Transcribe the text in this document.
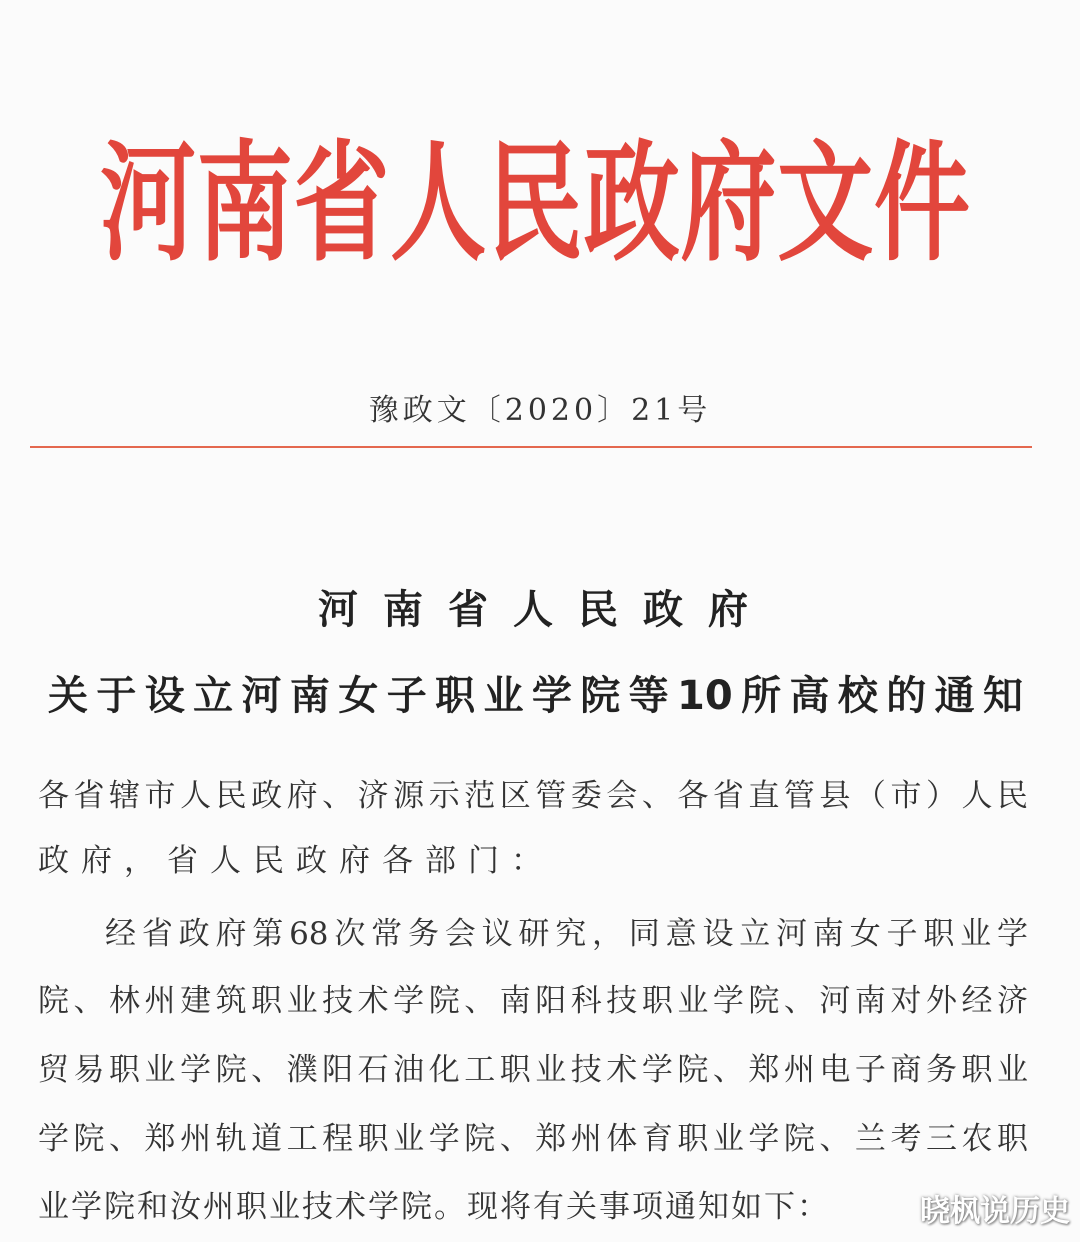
河 南 省 人 民 政 府 文 件
豫政文〔2020〕21号
河南省人民政府
关于设立河南女子职业学院等10所高校的通知
各省辖市人民政府、济源示范区管委会、各省直管县（市）人民
政府，省人民政府各部门：
经省政府第68次常务会议研究，同意设立河南女子职业学
院、林州建筑职业技术学院、南阳科技职业学院、河南对外经济
贸易职业学院、濮阳石油化工职业技术学院、郑州电子商务职业
学院、郑州轨道工程职业学院、郑州体育职业学院、兰考三农职
业学院和汝州职业技术学院。现将有关事项通知如下：	晓枫说历史
